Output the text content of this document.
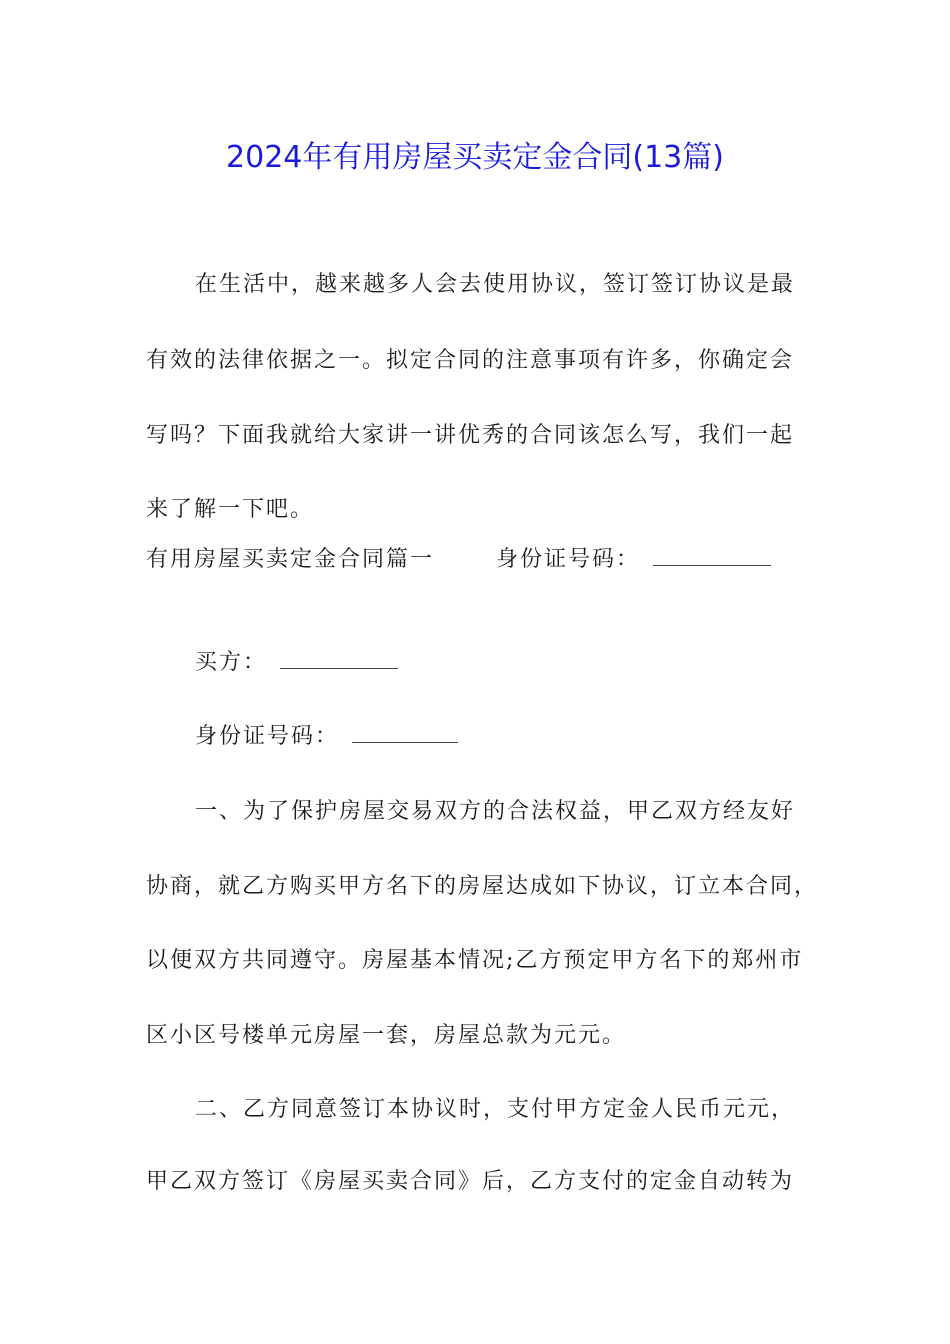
2024年有用房屋买卖定金合同(13篇)
在生活中，越来越多人会去使用协议，签订签订协议是最
有效的法律依据之一。拟定合同的注意事项有许多，你确定会
写吗？下面我就给大家讲一讲优秀的合同该怎么写，我们一起
来了解一下吧。
有用房屋买卖定金合同篇一	身份证号码：
买方：
身份证号码：
一、为了保护房屋交易双方的合法权益，甲乙双方经友好
协商，就乙方购买甲方名下的房屋达成如下协议，订立本合同，
以便双方共同遵守。房屋基本情况;乙方预定甲方名下的郑州市
区小区号楼单元房屋一套，房屋总款为元元。
二、乙方同意签订本协议时，支付甲方定金人民币元元，
甲乙双方签订《房屋买卖合同》后，乙方支付的定金自动转为
